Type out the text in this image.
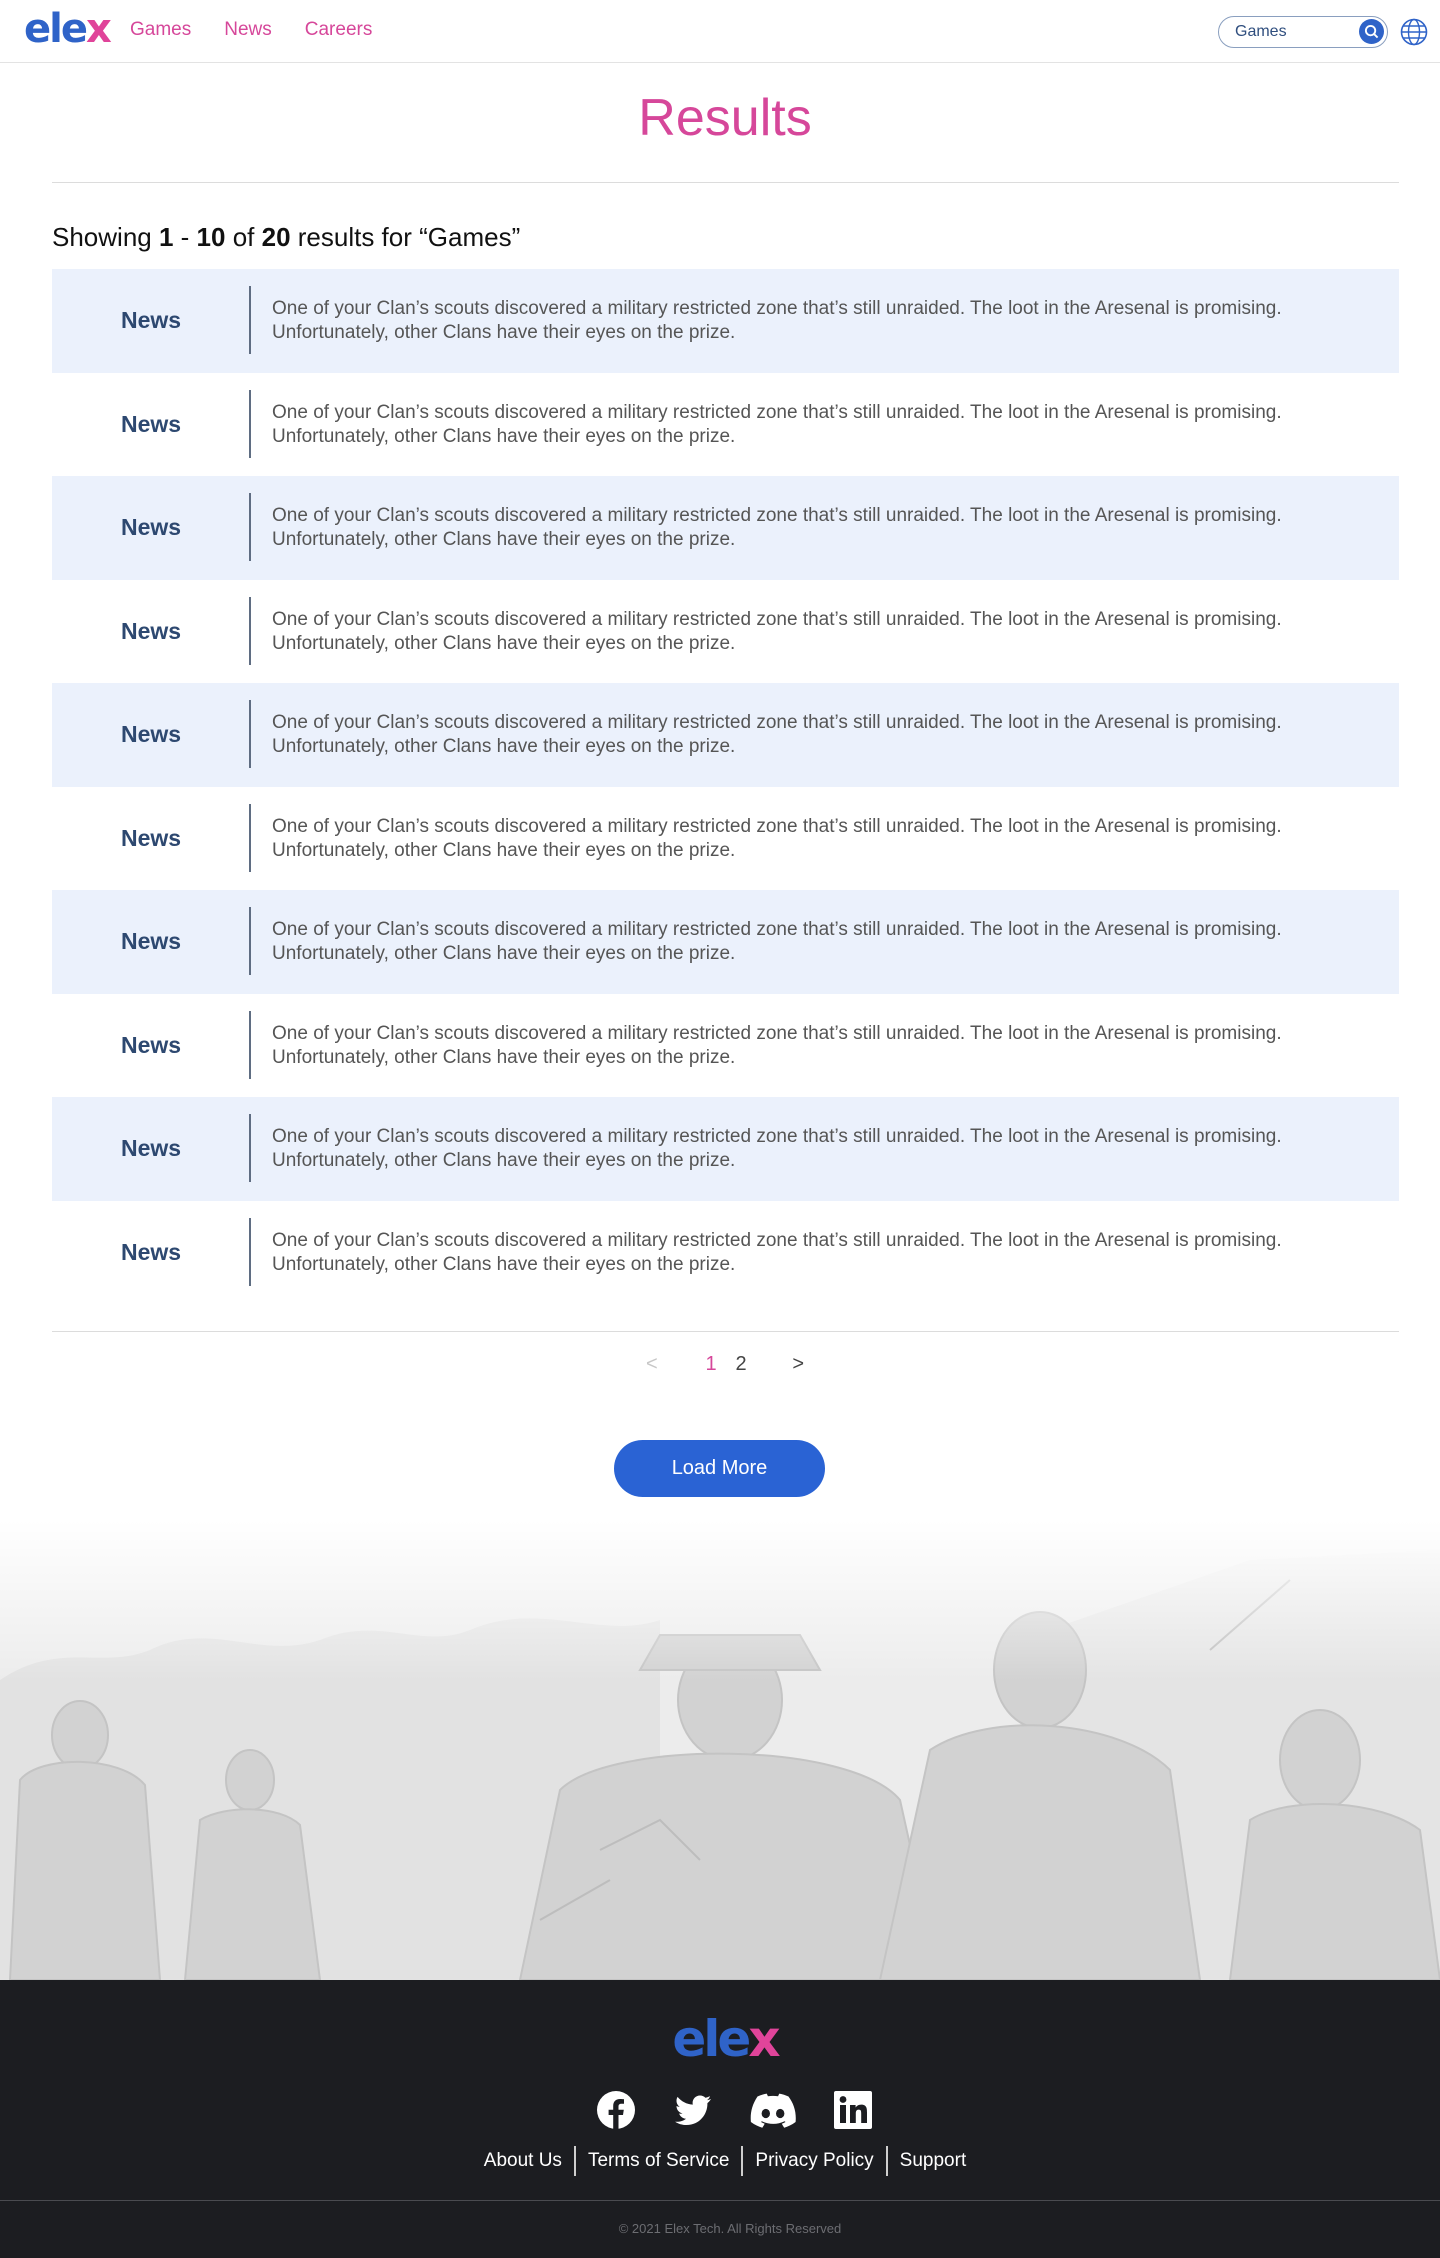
elex Games News Careers
Games
Results
Showing 1 - 10 of 20 results for “Games”
News	One of your Clan’s scouts discovered a military restricted zone that’s still unraided. The loot in the Aresenal is promising. Unfortunately, other Clans have their eyes on the prize.
News	One of your Clan’s scouts discovered a military restricted zone that’s still unraided. The loot in the Aresenal is promising. Unfortunately, other Clans have their eyes on the prize.
News	One of your Clan’s scouts discovered a military restricted zone that’s still unraided. The loot in the Aresenal is promising. Unfortunately, other Clans have their eyes on the prize.
News	One of your Clan’s scouts discovered a military restricted zone that’s still unraided. The loot in the Aresenal is promising. Unfortunately, other Clans have their eyes on the prize.
News	One of your Clan’s scouts discovered a military restricted zone that’s still unraided. The loot in the Aresenal is promising. Unfortunately, other Clans have their eyes on the prize.
News	One of your Clan’s scouts discovered a military restricted zone that’s still unraided. The loot in the Aresenal is promising. Unfortunately, other Clans have their eyes on the prize.
News	One of your Clan’s scouts discovered a military restricted zone that’s still unraided. The loot in the Aresenal is promising. Unfortunately, other Clans have their eyes on the prize.
News	One of your Clan’s scouts discovered a military restricted zone that’s still unraided. The loot in the Aresenal is promising. Unfortunately, other Clans have their eyes on the prize.
News	One of your Clan’s scouts discovered a military restricted zone that’s still unraided. The loot in the Aresenal is promising. Unfortunately, other Clans have their eyes on the prize.
News	One of your Clan’s scouts discovered a military restricted zone that’s still unraided. The loot in the Aresenal is promising. Unfortunately, other Clans have their eyes on the prize.
<	1 2	>
Load More
elex
About Us	Terms of Service	Privacy Policy	Support
© 2021 Elex Tech. All Rights Reserved
